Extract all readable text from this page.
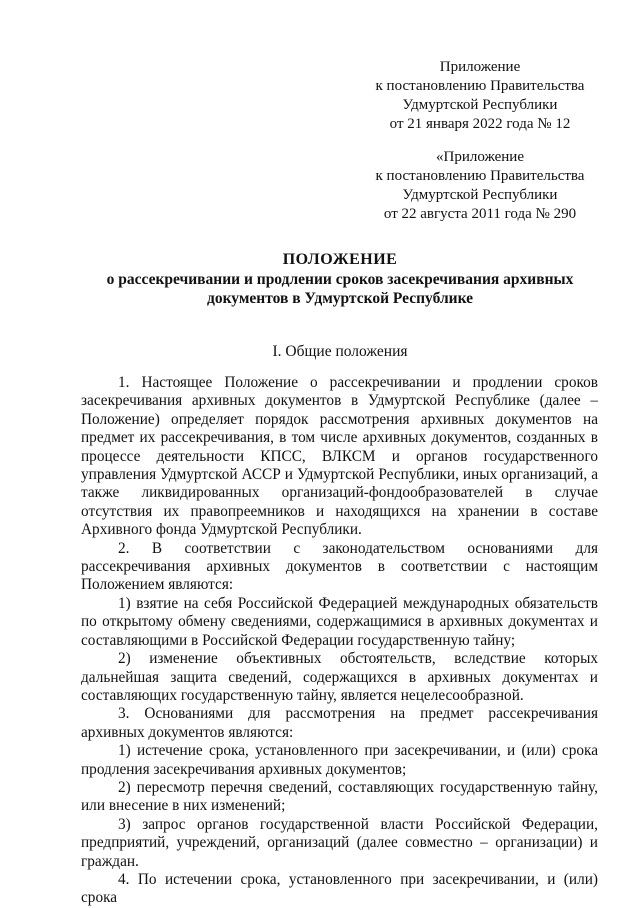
Приложение
к постановлению Правительства
Удмуртской Республики
от 21 января 2022 года № 12
«Приложение
к постановлению Правительства
Удмуртской Республики
от 22 августа 2011 года № 290
ПОЛОЖЕНИЕ
о рассекречивании и продлении сроков засекречивания архивных
документов в Удмуртской Республике
I. Общие положения

1. Настоящее Положение о рассекречивании и продлении сроков засекречивания архивных документов в Удмуртской Республике (далее – Положение) определяет порядок рассмотрения архивных документов на предмет их рассекречивания, в том числе архивных документов, созданных в процессе деятельности КПСС, ВЛКСМ и органов государственного управления Удмуртской АССР и Удмуртской Республики, иных организаций, а также ликвидированных организаций-фондообразователей в случае отсутствия их правопреемников и находящихся на хранении в составе Архивного фонда Удмуртской Республики.

2. В соответствии с законодательством основаниями для рассекречивания архивных документов в соответствии с настоящим Положением являются:

1) взятие на себя Российской Федерацией международных обязательств по открытому обмену сведениями, содержащимися в архивных документах и составляющими в Российской Федерации государственную тайну;

2) изменение объективных обстоятельств, вследствие которых дальнейшая защита сведений, содержащихся в архивных документах и составляющих государственную тайну, является нецелесообразной.

3. Основаниями для рассмотрения на предмет рассекречивания архивных документов являются:

1) истечение срока, установленного при засекречивании, и (или) срока продления засекречивания архивных документов;

2) пересмотр перечня сведений, составляющих государственную тайну, или внесение в них изменений;

3) запрос органов государственной власти Российской Федерации, предприятий, учреждений, организаций (далее совместно – организации) и граждан.

4. По истечении срока, установленного при засекречивании, и (или) срока
